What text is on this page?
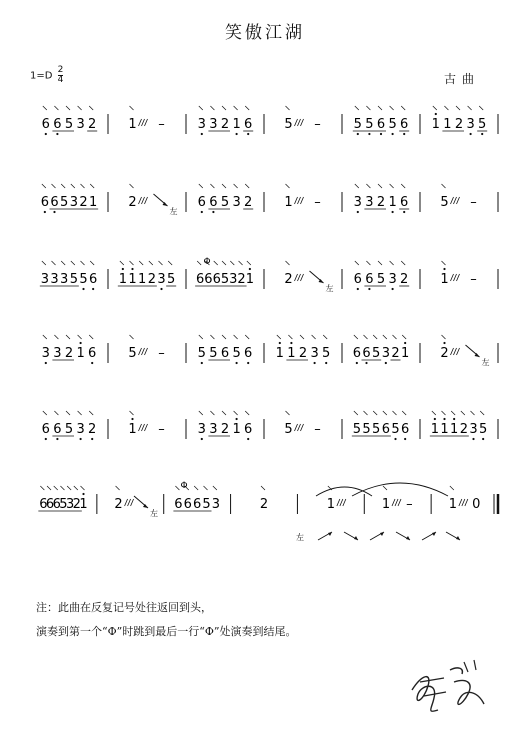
笑傲江湖
$1=D \frac{2}{4}$	古曲
6 6 5 3 2 1 –	3 3 2 1 6 5 –	5 5 6 5 6 1 1 2 3 5
6 6 5 3 2 1 2
左
6 6 5 3 2 1 –	3 3 2 1 6 5 –
3 3 3 5 5 6 1 1 1 2 3 5 6 6 6 5 3 2 1 2
左
6 6 5 3 2 1 –
3 3 2 1 6 5 –	5 5 6 5 6 1 1 2 3 5 6 6 5 3 2 1 2
左
6 6 5 3 2 1 –	3 3 2 1 6 5 – 5 5 5 6 5 6 1 1 1 2 3 5
6
6
6
5
3
2
1 2
左
6 6 6 5 3	2	1	1 –	1 0
Φ
Φ
左
注：此曲在反复记号处往返回到头，
演奏到第一个“Φ”时跳到最后一行“Φ”处演奏到结尾。
